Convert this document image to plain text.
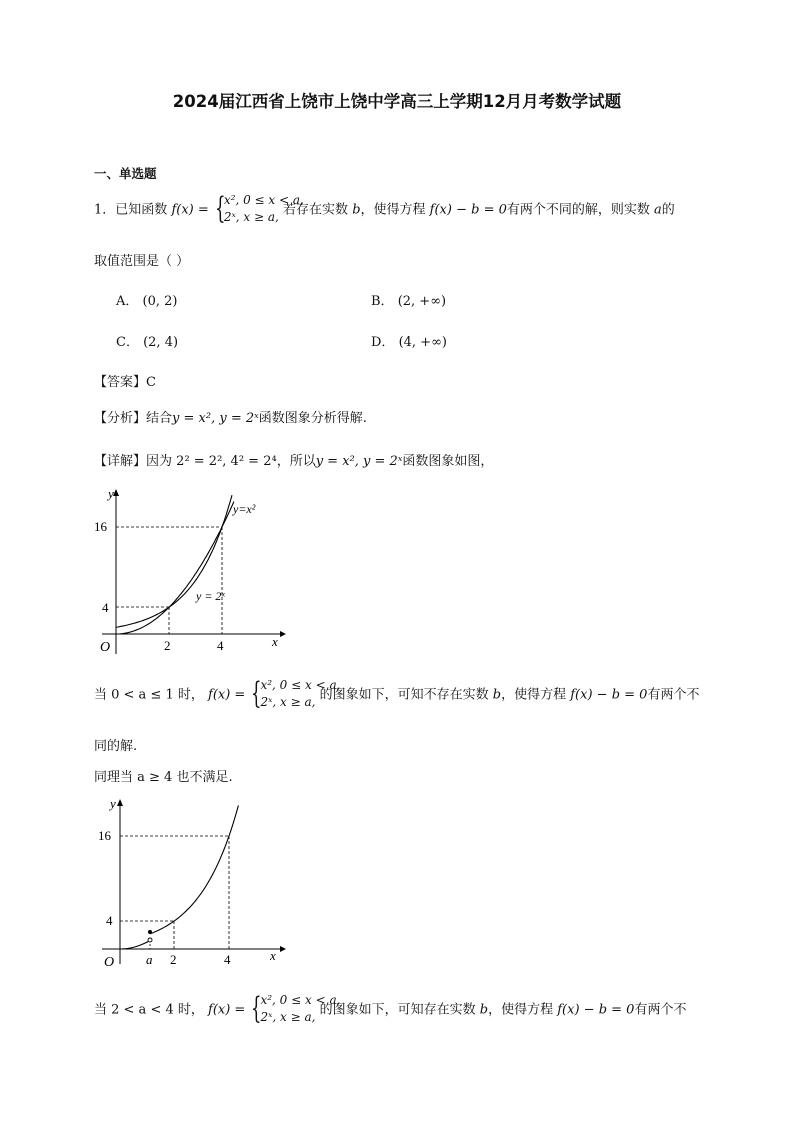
2024届江西省上饶市上饶中学高三上学期12月月考数学试题
一、单选题
1．已知函数 f(x) = {
x², 0 ≤ x < a,
2ˣ, x ≥ a, 若存在实数 b，使得方程 f(x) − b = 0有两个不同的解，则实数 a的
取值范围是（ ）
A． (0, 2)	B． (2, +∞)
C． (2, 4)	D． (4, +∞)
【答案】C
【分析】结合y = x², y = 2ˣ函数图象分析得解.
【详解】因为 2² = 2², 4² = 2⁴，所以y = x², y = 2ˣ函数图象如图，
y
x
O
16
4
2	4
y=x²
y = 2ˣ
当 0 < a ≤ 1 时， f(x) = {
x², 0 ≤ x < a,
2ˣ, x ≥ a, 的图象如下，可知不存在实数 b，使得方程 f(x) − b = 0有两个不
同的解.
同理当 a ≥ 4 也不满足.
y
x
O
16
4
a 2	4
当 2 < a < 4 时， f(x) = {
x², 0 ≤ x < a,
2ˣ, x ≥ a, 的图象如下，可知存在实数 b，使得方程 f(x) − b = 0有两个不
